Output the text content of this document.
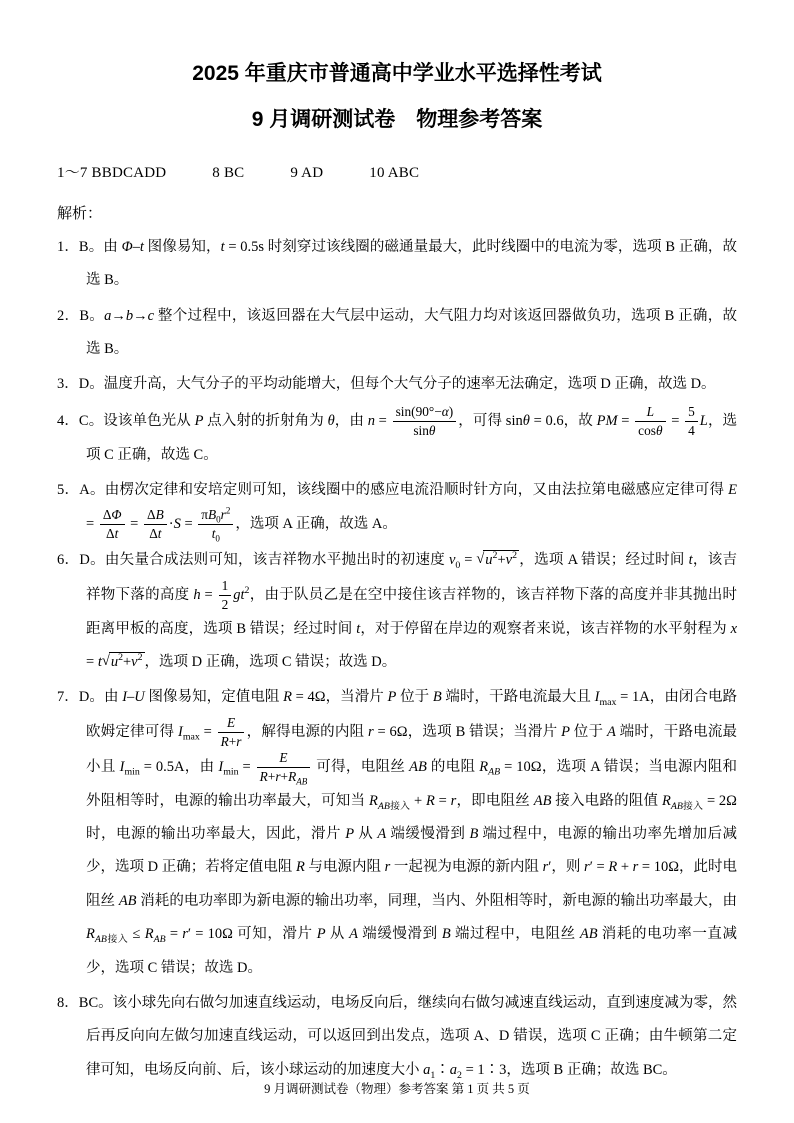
2025 年重庆市普通高中学业水平选择性考试
9 月调研测试卷　物理参考答案
1～7 BBDCADD	8 BC	9 AD	10 ABC
解析：
1．B。由 Φ–t 图像易知，t = 0.5s 时刻穿过该线圈的磁通量最大，此时线圈中的电流为零，选项 B 正确，故选 B。
2．B。a→b→c 整个过程中，该返回器在大气层中运动，大气阻力均对该返回器做负功，选项 B 正确，故选 B。
3．D。温度升高，大气分子的平均动能增大，但每个大气分子的速率无法确定，选项 D 正确，故选 D。
4．C。设该单色光从 P 点入射的折射角为 θ，由 $n = \frac{\sin(90^\circ-\alpha)}{\sin\theta}$ ，可得 sinθ = 0.6，故 PM = $\frac{L}{\cos\theta} = \frac{5}{4}$ L，选项 C 正确，故选 C。
5．A。由楞次定律和安培定则可知，该线圈中的感应电流沿顺时针方向，又由法拉第电磁感应定律可得 $E = \frac{\Delta\Phi}{\Delta t} = \frac{\Delta B}{\Delta t} \cdot S = \frac{\pi B_0r^2}{t_0}$ ，选项 A 正确，故选 A。
6．D。由矢量合成法则可知，该吉祥物水平抛出时的初速度 $v_0 = √u^2+v^2$ ，选项 A 错误；经过时间 t，该吉祥物下落的高度 $h = \frac{1}{2} gt^2$，由于队员乙是在空中接住该吉祥物的，该吉祥物下落的高度并非其抛出时距离甲板的高度，选项 B 错误；经过时间 t，对于停留在岸边的观察者来说，该吉祥物的水平射程为 $x = t√u^2+v^2$ ，选项 D 正确，选项 C 错误；故选 D。
7．D。由 I–U 图像易知，定值电阻 R = 4Ω，当滑片 P 位于 B 端时，干路电流最大且 $I_{max} = 1A$，由闭合电路欧姆定律可得 $I_{max} = \frac{E}{R+r}$ ，解得电源的内阻 r = 6Ω，选项 B 错误；当滑片 P 位于 A 端时，干路电流最小且 $I_{min} = 0.5A$，由 $I_{min} = \frac{E}{R+r+R_{AB}}$ 可得，电阻丝 AB 的电阻 $R_{AB} = 10\Omega$，选项 A 错误；当电源内阻和外阻相等时，电源的输出功率最大，可知当 $R_{AB接入} + R = r$，即电阻丝 AB 接入电路的阻值 $R_{AB接入} = 2\Omega$ 时，电源的输出功率最大，因此，滑片 P 从 A 端缓慢滑到 B 端过程中，电源的输出功率先增加后减少，选项 D 正确；若将定值电阻 R 与电源内阻 r 一起视为电源的新内阻 r′，则 r′ = R + r = 10Ω，此时电阻丝 AB 消耗的电功率即为新电源的输出功率，同理，当内、外阻相等时，新电源的输出功率最大，由 $R_{AB接入} \le R_{AB} = r' = 10\Omega$ 可知，滑片 P 从 A 端缓慢滑到 B 端过程中，电阻丝 AB 消耗的电功率一直减少，选项 C 错误；故选 D。
8．BC。该小球先向右做匀加速直线运动，电场反向后，继续向右做匀减速直线运动，直到速度减为零，然后再反向向左做匀加速直线运动，可以返回到出发点，选项 A、D 错误，选项 C 正确；由牛顿第二定律可知，电场反向前、后，该小球运动的加速度大小 $a_1∶a_2$ = 1∶3，选项 B 正确；故选 BC。
9 月调研测试卷（物理）参考答案 第 1 页 共 5 页
